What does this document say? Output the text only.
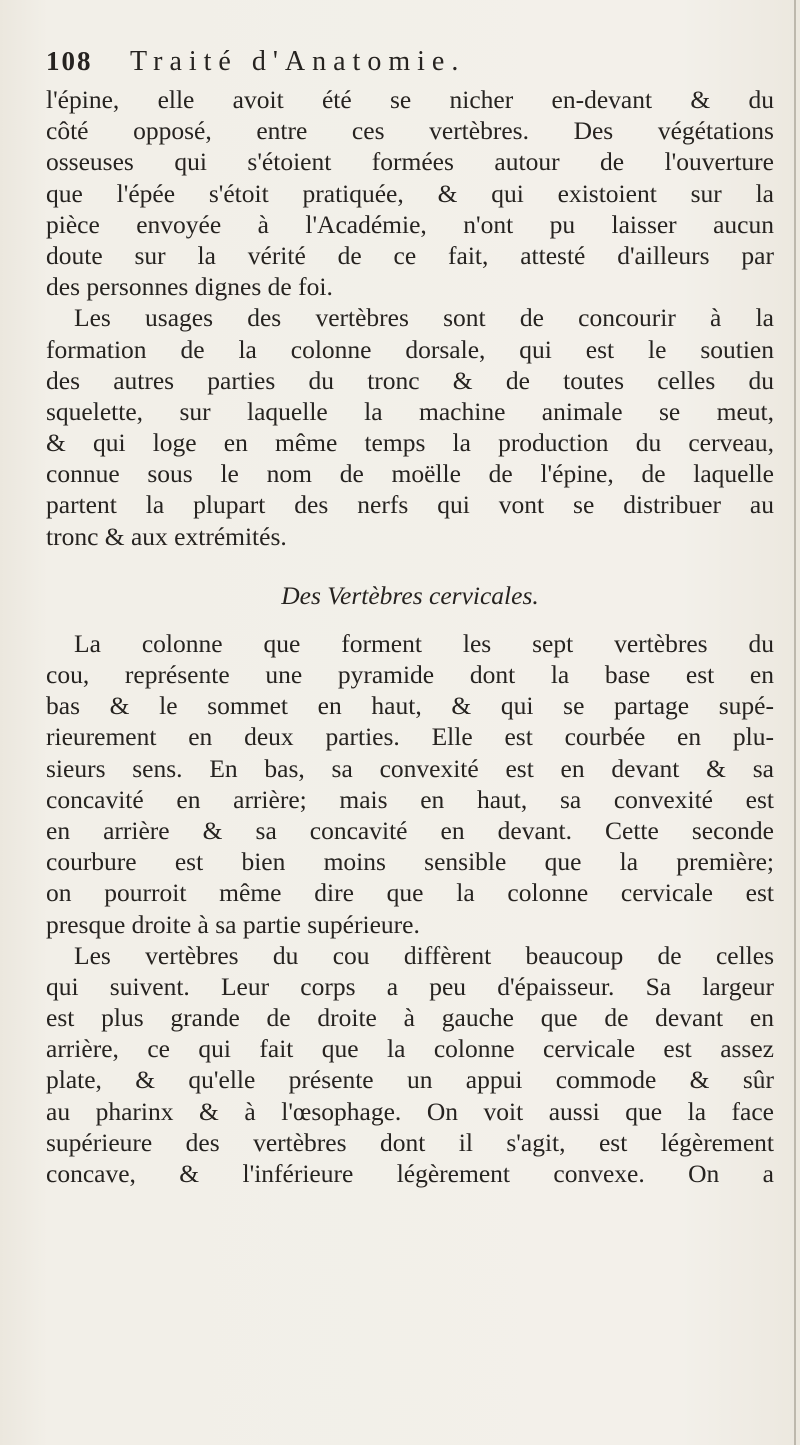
108 Traité d'Anatomie.
l'épine, elle avoit été se nicher en-devant & du
côté opposé, entre ces vertèbres. Des végétations
osseuses qui s'étoient formées autour de l'ouverture
que l'épée s'étoit pratiquée, & qui existoient sur la
pièce envoyée à l'Académie, n'ont pu laisser aucun
doute sur la vérité de ce fait, attesté d'ailleurs par
des personnes dignes de foi.
Les usages des vertèbres sont de concourir à la
formation de la colonne dorsale, qui est le soutien
des autres parties du tronc & de toutes celles du
squelette, sur laquelle la machine animale se meut,
& qui loge en même temps la production du cerveau,
connue sous le nom de moëlle de l'épine, de laquelle
partent la plupart des nerfs qui vont se distribuer au
tronc & aux extrémités.
Des Vertèbres cervicales.
La colonne que forment les sept vertèbres du
cou, représente une pyramide dont la base est en
bas & le sommet en haut, & qui se partage supé-
rieurement en deux parties. Elle est courbée en plu-
sieurs sens. En bas, sa convexité est en devant & sa
concavité en arrière; mais en haut, sa convexité est
en arrière & sa concavité en devant. Cette seconde
courbure est bien moins sensible que la première;
on pourroit même dire que la colonne cervicale est
presque droite à sa partie supérieure.
Les vertèbres du cou diffèrent beaucoup de celles
qui suivent. Leur corps a peu d'épaisseur. Sa largeur
est plus grande de droite à gauche que de devant en
arrière, ce qui fait que la colonne cervicale est assez
plate, & qu'elle présente un appui commode & sûr
au pharinx & à l'œsophage. On voit aussi que la face
supérieure des vertèbres dont il s'agit, est légèrement
concave, & l'inférieure légèrement convexe. On a
